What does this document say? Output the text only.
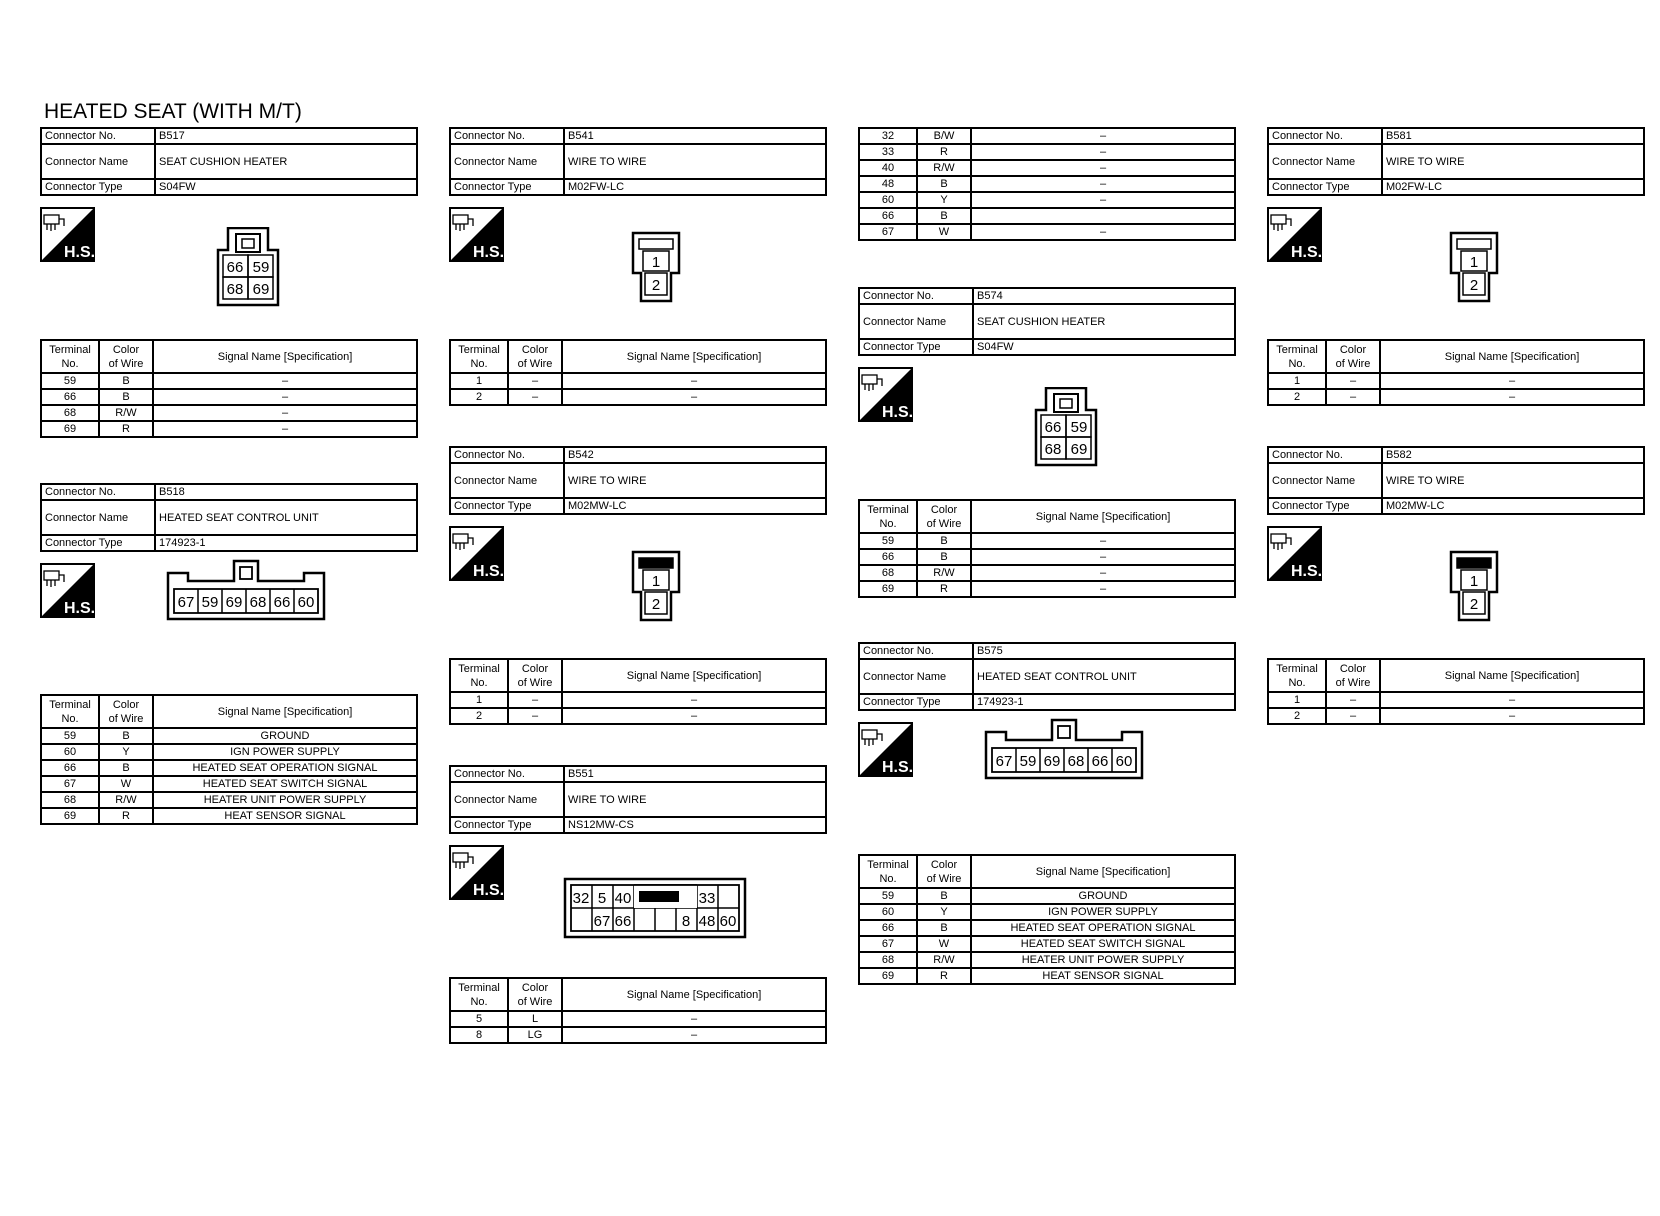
HEATED SEAT (WITH M/T)
Connector No.	B517
Connector Name	SEAT CUSHION HEATER
Connector Type	S04FW
H.S.
66 59
68 69
Terminal
No.	Color
of Wire	Signal Name [Specification]
59	B	–
66	B	–
68	R/W	–
69	R	–
Connector No.	B518
Connector Name	HEATED SEAT CONTROL UNIT
Connector Type	174923-1
H.S.	67 59 69 68 66 60
Terminal
No.	Color
of Wire	Signal Name [Specification]
59	B	GROUND
60	Y	IGN POWER SUPPLY
66	B	HEATED SEAT OPERATION SIGNAL
67	W	HEATED SEAT SWITCH SIGNAL
68	R/W	HEATER UNIT POWER SUPPLY
69	R	HEAT SENSOR SIGNAL
Connector No.	B541
Connector Name	WIRE TO WIRE
Connector Type	M02FW-LC
H.S.
1
2
Terminal
No.	Color
of Wire	Signal Name [Specification]
1	–	–
2	–	–
Connector No.	B542
Connector Name	WIRE TO WIRE
Connector Type	M02MW-LC
H.S.
1
2
Terminal
No.	Color
of Wire	Signal Name [Specification]
1	–	–
2	–	–
Connector No.	B551
Connector Name	WIRE TO WIRE
Connector Type	NS12MW-CS
H.S.	32 5 40	33
67 66	8 48 60
Terminal
No.	Color
of Wire	Signal Name [Specification]
5	L	–
8	LG	–
32	B/W	–
33	R	–
40	R/W	–
48	B	–
60	Y	–
66	B	
67	W	–
Connector No.	B574
Connector Name	SEAT CUSHION HEATER
Connector Type	S04FW
H.S.
66 59
68 69
Terminal
No.	Color
of Wire	Signal Name [Specification]
59	B	–
66	B	–
68	R/W	–
69	R	–
Connector No.	B575
Connector Name	HEATED SEAT CONTROL UNIT
Connector Type	174923-1
H.S.	67 59 69 68 66 60
Terminal
No.	Color
of Wire	Signal Name [Specification]
59	B	GROUND
60	Y	IGN POWER SUPPLY
66	B	HEATED SEAT OPERATION SIGNAL
67	W	HEATED SEAT SWITCH SIGNAL
68	R/W	HEATER UNIT POWER SUPPLY
69	R	HEAT SENSOR SIGNAL
Connector No.	B581
Connector Name	WIRE TO WIRE
Connector Type	M02FW-LC
H.S.
1
2
Terminal
No.	Color
of Wire	Signal Name [Specification]
1	–	–
2	–	–
Connector No.	B582
Connector Name	WIRE TO WIRE
Connector Type	M02MW-LC
H.S.
1
2
Terminal
No.	Color
of Wire	Signal Name [Specification]
1	–	–
2	–	–
